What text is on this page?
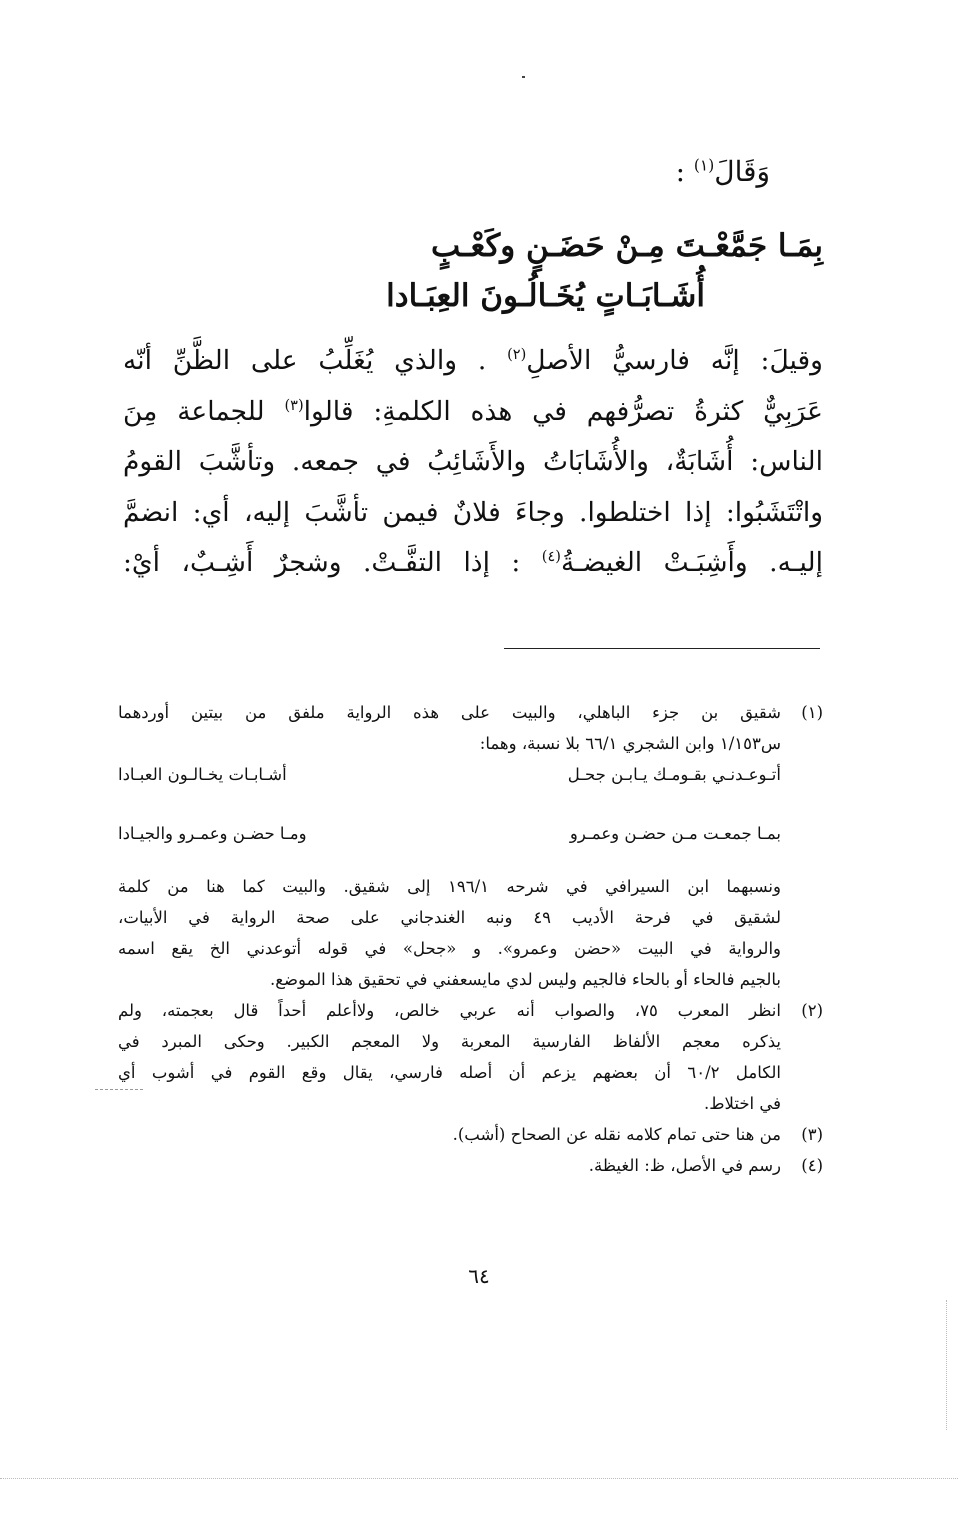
وَقَالَ$^{(١)}$ :
بِمَـا جَمَّعْـتَ مِـنْ حَضَـنٍ وكَعْـبٍ
أُشَـابَـاتٍ يُخَـالُـونَ العِبَـادا
وقيلَ: إنَّه فارسيُّ الأصلِ$^{(٢)}$ . والذي يُغَلِّبُ على الظَّنِّ أنّه
عَرَبِيٌّ كثرةُ تصرُّفهم في هذه الكلمةِ: قالوا$^{(٣)}$ للجماعة مِنَ
الناس: أُشَابَةٌ، والأُشَابَاتُ والأَشَائِبُ في جمعه. وتأشَّبَ القومُ
واتْتَشَبُوا: إذا اختلطوا. وجاءَ فلانٌ فيمن تأشَّبَ إليه، أي: انضمَّ
إليـه. وأَشِبَـتْ الغيضـةُ$^{(٤)}$ : إذا التفَّـتْ. وشجرٌ أَشِـبٌ، أيْ:
(١)
شقيق بن جزء الباهلي، والبيت على هذه الرواية ملفق من بيتين أوردهما
س١/١٥٣ وابن الشجري ٦٦/١ بلا نسبة، وهما:
أتـوعـدنـي بقـومـك يـابـن جحـل
أشـابـات يخـالـون العبـادا
بمـا جمعـت مـن حضـن وعمـرو
ومـا حضـن وعمـرو والجيـادا
ونسبهما ابن السيرافي في شرحه ١٩٦/١ إلى شقيق. والبيت كما هنا من كلمة
لشقيق في فرحة الأديب ٤٩ ونبه الغندجاني على صحة الرواية في الأبيات،
والرواية في البيت «حضن وعمرو». و «جحل» في قوله أتوعدني الخ يقع اسمه
بالجيم فالحاء أو بالحاء فالجيم وليس لدي مايسعفني في تحقيق هذا الموضع.
(٢)
انظر المعرب ٧٥، والصواب أنه عربي خالص، ولاأعلم أحداً قال بعجمته، ولم
يذكره معجم الألفاظ الفارسية المعربة ولا المعجم الكبير. وحكى المبرد في
الكامل ٦٠/٢ أن بعضهم يزعم أن أصله فارسي، يقال وقع القوم في أشوب أي
في اختلاط.
(٣)
من هنا حتى تمام كلامه نقله عن الصحاح (أشب).
(٤)
رسم في الأصل، ظ: الغيظة.
٦٤
